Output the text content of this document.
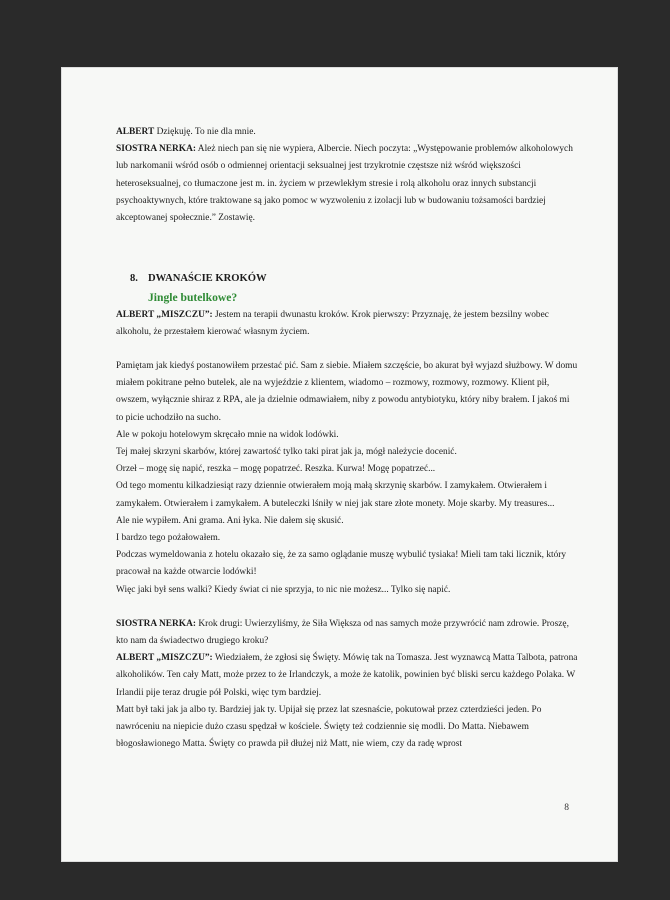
ALBERT Dziękuję. To nie dla mnie.

SIOSTRA NERKA: Ależ niech pan się nie wypiera, Albercie. Niech poczyta: „Występowanie problemów alkoholowych lub narkomanii wśród osób o odmiennej orientacji seksualnej jest trzykrotnie częstsze niż wśród większości heteroseksualnej, co tłumaczone jest m. in. życiem w przewlekłym stresie i rolą alkoholu oraz innych substancji psychoaktywnych, które traktowane są jako pomoc w wyzwoleniu z izolacji lub w budowaniu tożsamości bardziej akceptowanej społecznie.” Zostawię.

8. DWANAŚCIE KROKÓW

Jingle butelkowe?

ALBERT „MISZCZU”: Jestem na terapii dwunastu kroków. Krok pierwszy: Przyznaję, że jestem bezsilny wobec alkoholu, że przestałem kierować własnym życiem.

Pamiętam jak kiedyś postanowiłem przestać pić. Sam z siebie. Miałem szczęście, bo akurat był wyjazd służbowy. W domu miałem pokitrane pełno butelek, ale na wyjeździe z klientem, wiadomo – rozmowy, rozmowy, rozmowy. Klient pił, owszem, wyłącznie shiraz z RPA, ale ja dzielnie odmawiałem, niby z powodu antybiotyku, który niby brałem. I jakoś mi to picie uchodziło na sucho.

Ale w pokoju hotelowym skręcało mnie na widok lodówki.

Tej małej skrzyni skarbów, której zawartość tylko taki pirat jak ja, mógł należycie docenić.

Orzeł – mogę się napić, reszka – mogę popatrzeć. Reszka. Kurwa! Mogę popatrzeć...

Od tego momentu kilkadziesiąt razy dziennie otwierałem moją małą skrzynię skarbów. I zamykałem. Otwierałem i zamykałem. Otwierałem i zamykałem. A buteleczki lśniły w niej jak stare złote monety. Moje skarby. My treasures...

Ale nie wypiłem. Ani grama. Ani łyka. Nie dałem się skusić.

I bardzo tego pożałowałem.

Podczas wymeldowania z hotelu okazało się, że za samo oglądanie muszę wybulić tysiaka! Mieli tam taki licznik, który pracował na każde otwarcie lodówki!

Więc jaki był sens walki? Kiedy świat ci nie sprzyja, to nic nie możesz... Tylko się napić.

SIOSTRA NERKA: Krok drugi: Uwierzyliśmy, że Siła Większa od nas samych może przywrócić nam zdrowie. Proszę, kto nam da świadectwo drugiego kroku?

ALBERT „MISZCZU”: Wiedziałem, że zgłosi się Święty. Mówię tak na Tomasza. Jest wyznawcą Matta Talbota, patrona alkoholików. Ten cały Matt, może przez to że Irlandczyk, a może że katolik, powinien być bliski sercu każdego Polaka. W Irlandii pije teraz drugie pół Polski, więc tym bardziej.

Matt był taki jak ja albo ty. Bardziej jak ty. Upijał się przez lat szesnaście, pokutował przez czterdzieści jeden. Po nawróceniu na niepicie dużo czasu spędzał w kościele. Święty też codziennie się modli. Do Matta. Niebawem błogosławionego Matta. Święty co prawda pił dłużej niż Matt, nie wiem, czy da radę wprost

8
